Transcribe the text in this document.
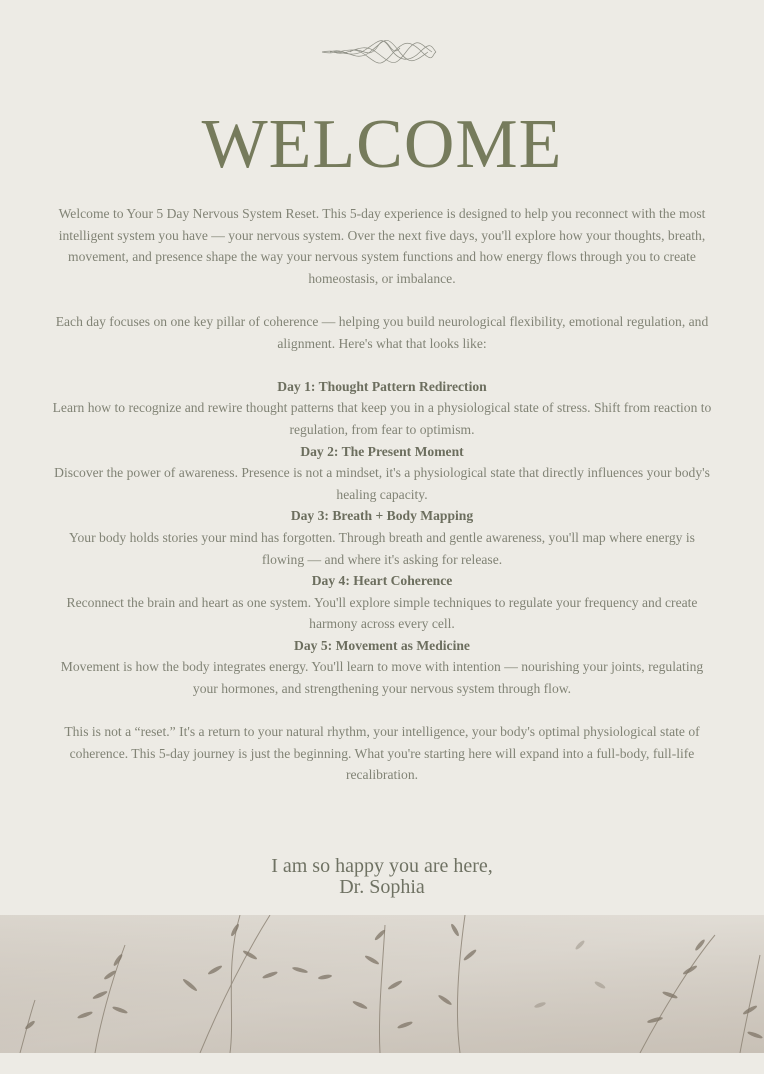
WELCOME

Welcome to Your 5 Day Nervous System Reset. This 5-day experience is designed to help you reconnect with the most intelligent system you have — your nervous system. Over the next five days, you'll explore how your thoughts, breath, movement, and presence shape the way your nervous system functions and how energy flows through you to create homeostasis, or imbalance.

Each day focuses on one key pillar of coherence — helping you build neurological flexibility, emotional regulation, and alignment. Here's what that looks like:

Day 1: Thought Pattern Redirection

Learn how to recognize and rewire thought patterns that keep you in a physiological state of stress. Shift from reaction to regulation, from fear to optimism.

Day 2: The Present Moment

Discover the power of awareness. Presence is not a mindset, it's a physiological state that directly influences your body's healing capacity.

Day 3: Breath + Body Mapping

Your body holds stories your mind has forgotten. Through breath and gentle awareness, you'll map where energy is flowing — and where it's asking for release.

Day 4: Heart Coherence

Reconnect the brain and heart as one system. You'll explore simple techniques to regulate your frequency and create harmony across every cell.

Day 5: Movement as Medicine

Movement is how the body integrates energy. You'll learn to move with intention — nourishing your joints, regulating your hormones, and strengthening your nervous system through flow.

This is not a “reset.” It's a return to your natural rhythm, your intelligence, your body's optimal physiological state of coherence. This 5-day journey is just the beginning. What you're starting here will expand into a full-body, full-life recalibration.

I am so happy you are here,
Dr. Sophia
